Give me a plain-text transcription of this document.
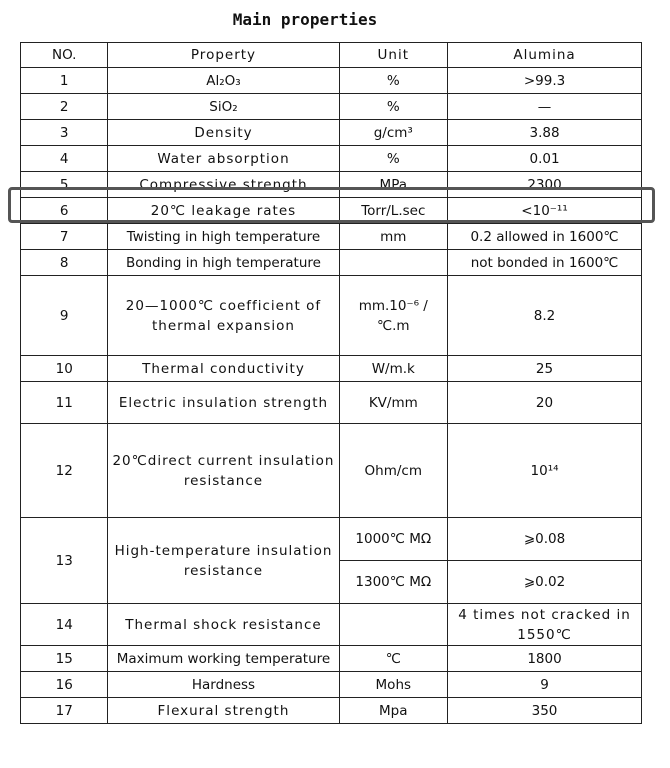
Main properties
NO.	Property	Unit	Alumina
1	Al₂O₃	%	>99.3
2	SiO₂	%	—
3	Density	g/cm³	3.88
4	Water absorption	%	0.01
5	Compressive strength	MPa	2300
6	20℃ leakage rates	Torr/L.sec	<10⁻¹¹
7	Twisting in high temperature	mm	0.2 allowed in 1600℃
8	Bonding in high temperature		not bonded in 1600℃
9	20—1000℃ coefficient of thermal expansion	mm.10⁻⁶ /℃.m	8.2
10	Thermal conductivity	W/m.k	25
11	Electric insulation strength	KV/mm	20
12	20℃direct current insulation resistance	Ohm/cm	10¹⁴
13	High-temperature insulation resistance	1000℃ MΩ	⩾0.08
		1300℃ MΩ	⩾0.02
14	Thermal shock resistance		4 times not cracked in 1550℃
15	Maximum working temperature	℃	1800
16	Hardness	Mohs	9
17	Flexural strength	Mpa	350
